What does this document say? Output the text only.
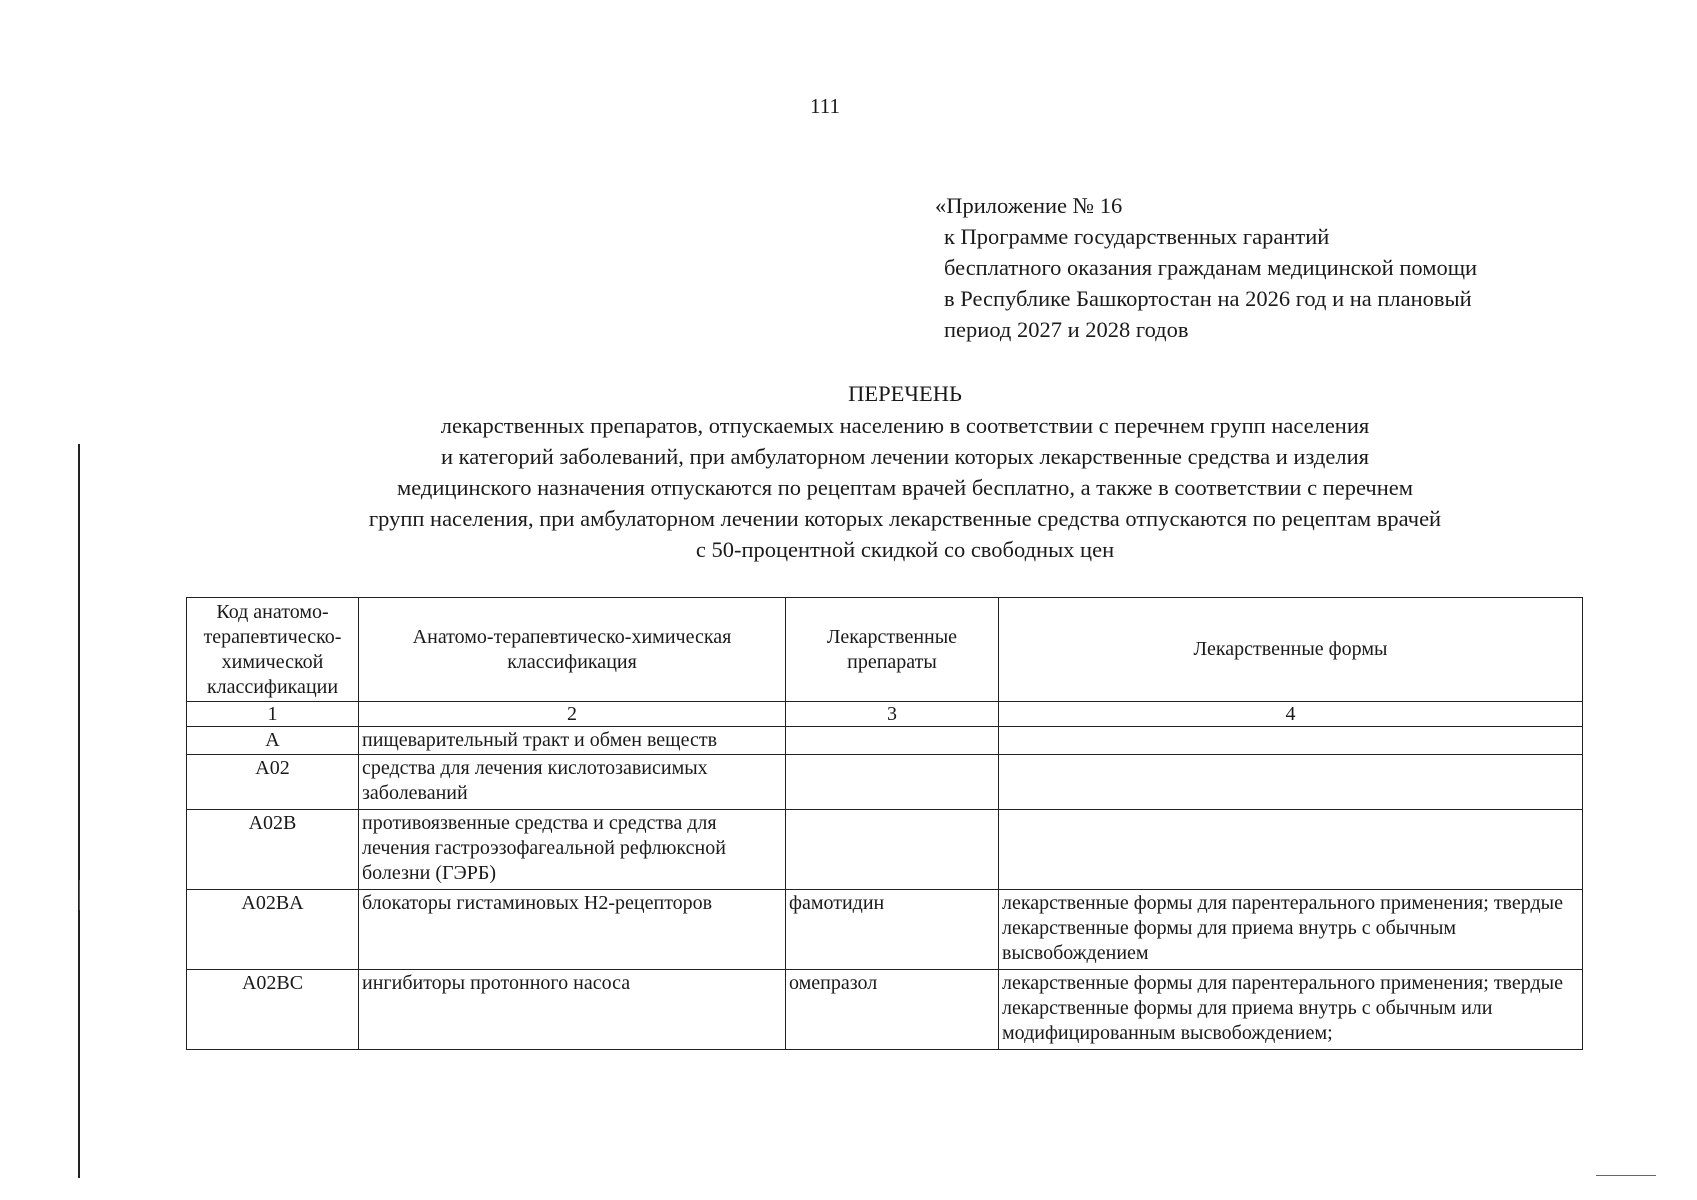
111
«Приложение № 16
к Программе государственных гарантий
бесплатного оказания гражданам медицинской помощи
в Республике Башкортостан на 2026 год и на плановый
период 2027 и 2028 годов
ПЕРЕЧЕНЬ
лекарственных препаратов, отпускаемых населению в соответствии с перечнем групп населения
и категорий заболеваний, при амбулаторном лечении которых лекарственные средства и изделия
медицинского назначения отпускаются по рецептам врачей бесплатно, а также в соответствии с перечнем
групп населения, при амбулаторном лечении которых лекарственные средства отпускаются по рецептам врачей
с 50-процентной скидкой со свободных цен
Код анатомо-терапевтическо-химической классификации	Анатомо-терапевтическо-химическая классификация	Лекарственные препараты	Лекарственные формы
1	2	3	4
А	пищеварительный тракт и обмен веществ		
A02	средства для лечения кислотозависимых заболеваний		
A02B	противоязвенные средства и средства для лечения гастроэзофагеальной рефлюксной болезни (ГЭРБ)		
A02BA	блокаторы гистаминовых Н2-рецепторов	фамотидин	лекарственные формы для парентерального применения; твердые лекарственные формы для приема внутрь с обычным высвобождением
A02BC	ингибиторы протонного насоса	омепразол	лекарственные формы для парентерального применения; твердые лекарственные формы для приема внутрь с обычным или модифицированным высвобождением;
